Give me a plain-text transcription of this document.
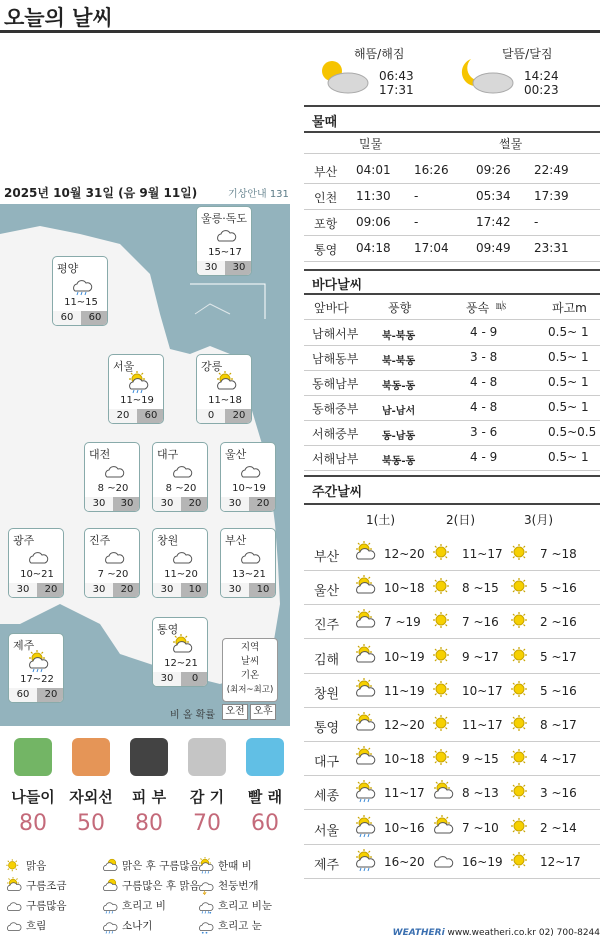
오늘의 날씨
2025년 10월 31일 (음 9월 11일)	기상안내 131
울릉·독도
15~17
30	30
평양
11~15
60	60
서울
11~19
20	60
강릉
11~18
0	20
대전
8 ~20
30	30
대구
8 ~20
30	20
울산
10~19
30	20
광주
10~21
30	20
진주
7 ~20
30	20
창원
11~20
30	10
부산
13~21
30	10
통영
12~21
30	0
제주
17~22
60	20
지역
날씨
기온
(최저~최고)
비 올 확률	오전 오후
나들이
80
자외선
50
피 부
80
감 기
70
빨 래
60
맑음
구름조금
구름많음
흐림
맑은 후 구름많음
구름많은 후 맑음
흐리고 비
소나기
한때 비
천둥번개
흐리고 비눈
흐리고 눈
해뜸/해짐
06:43
17:31
달뜸/달짐
14:24
00:23
물때
밀물	썰물
부산 04:01 16:26 09:26 22:49
인천 11:30 -	05:34 17:39
포항 09:06 -	17:42 -
통영 04:18 17:04 09:49 23:31
바다날씨
앞바다	풍향	풍속 ㎧	파고m
남해서부 북-북동	4 - 9	0.5~ 1
남해동부 북-북동	3 - 8	0.5~ 1
동해남부 북동-동	4 - 8	0.5~ 1
동해중부 남-남서	4 - 8	0.5~ 1
서해중부 동-남동	3 - 6	0.5~0.5
서해남부 북동-동	4 - 9	0.5~ 1
주간날씨
1(土)	2(日)	3(月)
부산	12~20	11~17	7 ~18
울산	10~18	8 ~15	5 ~16
진주	7 ~19	7 ~16	2 ~16
김해	10~19	9 ~17	5 ~17
창원	11~19	10~17	5 ~16
통영	12~20	11~17	8 ~17
대구	10~18	9 ~15	4 ~17
세종	11~17	8 ~13	3 ~16
서울	10~16	7 ~10	2 ~14
제주	16~20	16~19	12~17
WEATHERi www.weatheri.co.kr 02) 700-8244
